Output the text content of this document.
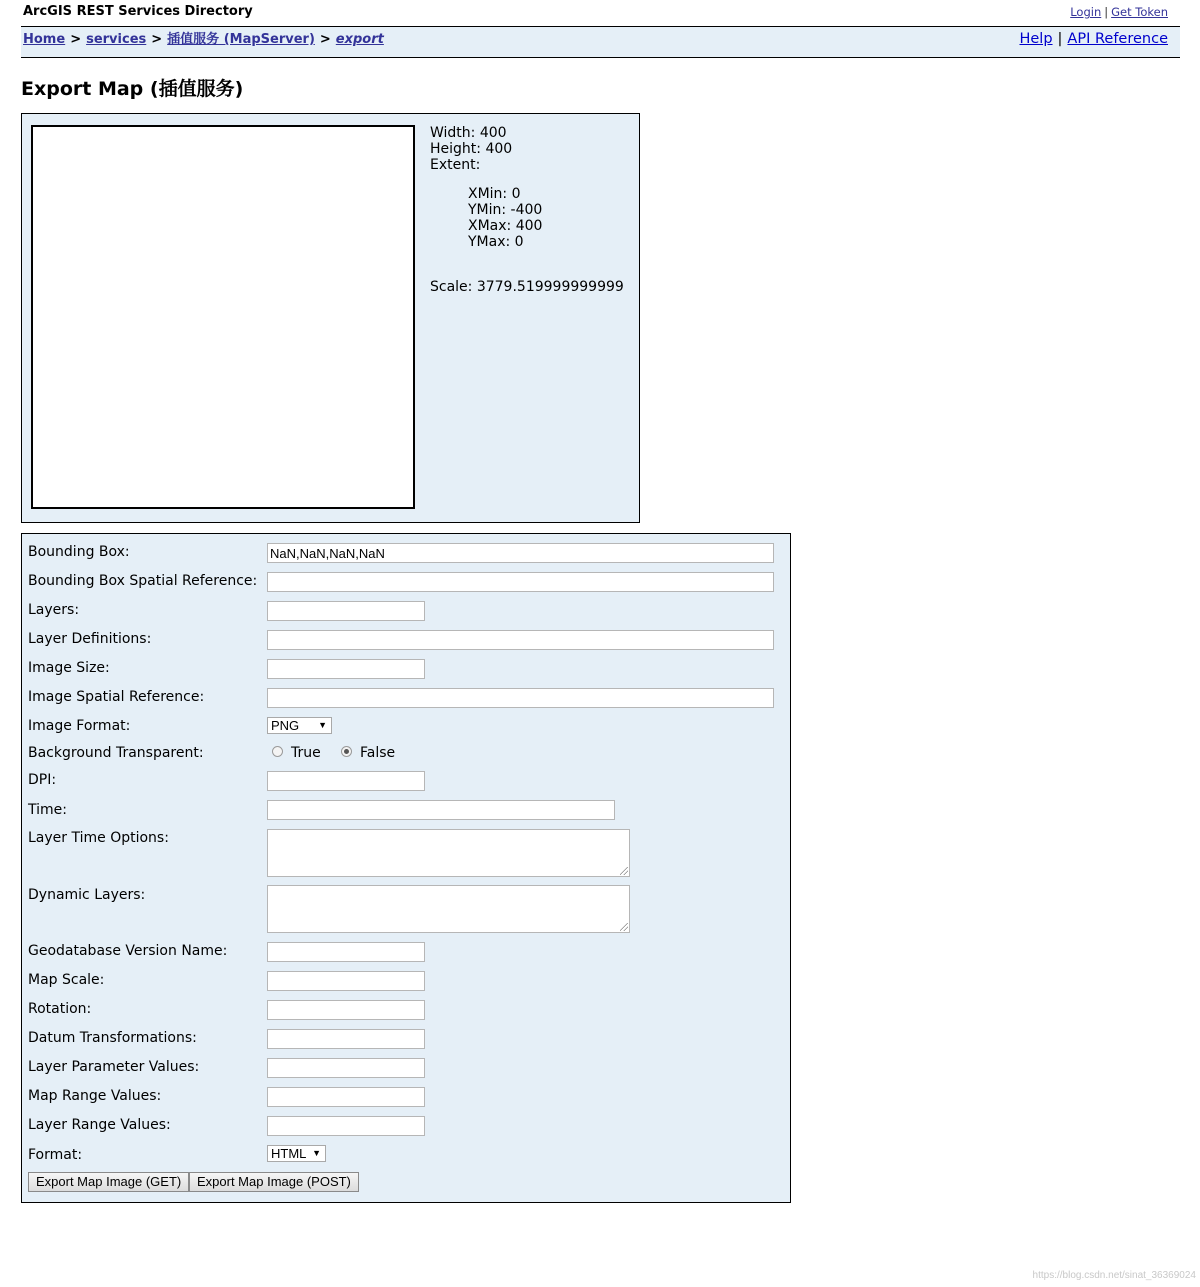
ArcGIS REST Services Directory	Login | Get Token
Home > services > 插值服务 (MapServer) > export	Help | API Reference
Export Map (插值服务)
Width: 400
Height: 400
Extent:
XMin: 0
YMin: -400
XMax: 400
YMax: 0
Scale: 3779.519999999999
Bounding Box:
NaN,NaN,NaN,NaN
Bounding Box Spatial Reference:
Layers:
Layer Definitions:
Image Size:
Image Spatial Reference:
Image Format:	PNG ▼
Background Transparent:	True	False
DPI:
Time:
Layer Time Options:
Dynamic Layers:
Geodatabase Version Name:
Map Scale:
Rotation:
Datum Transformations:
Layer Parameter Values:
Map Range Values:
Layer Range Values:
Format:	HTML ▼
Export Map Image (GET)	Export Map Image (POST)
https://blog.csdn.net/sinat_36369024
